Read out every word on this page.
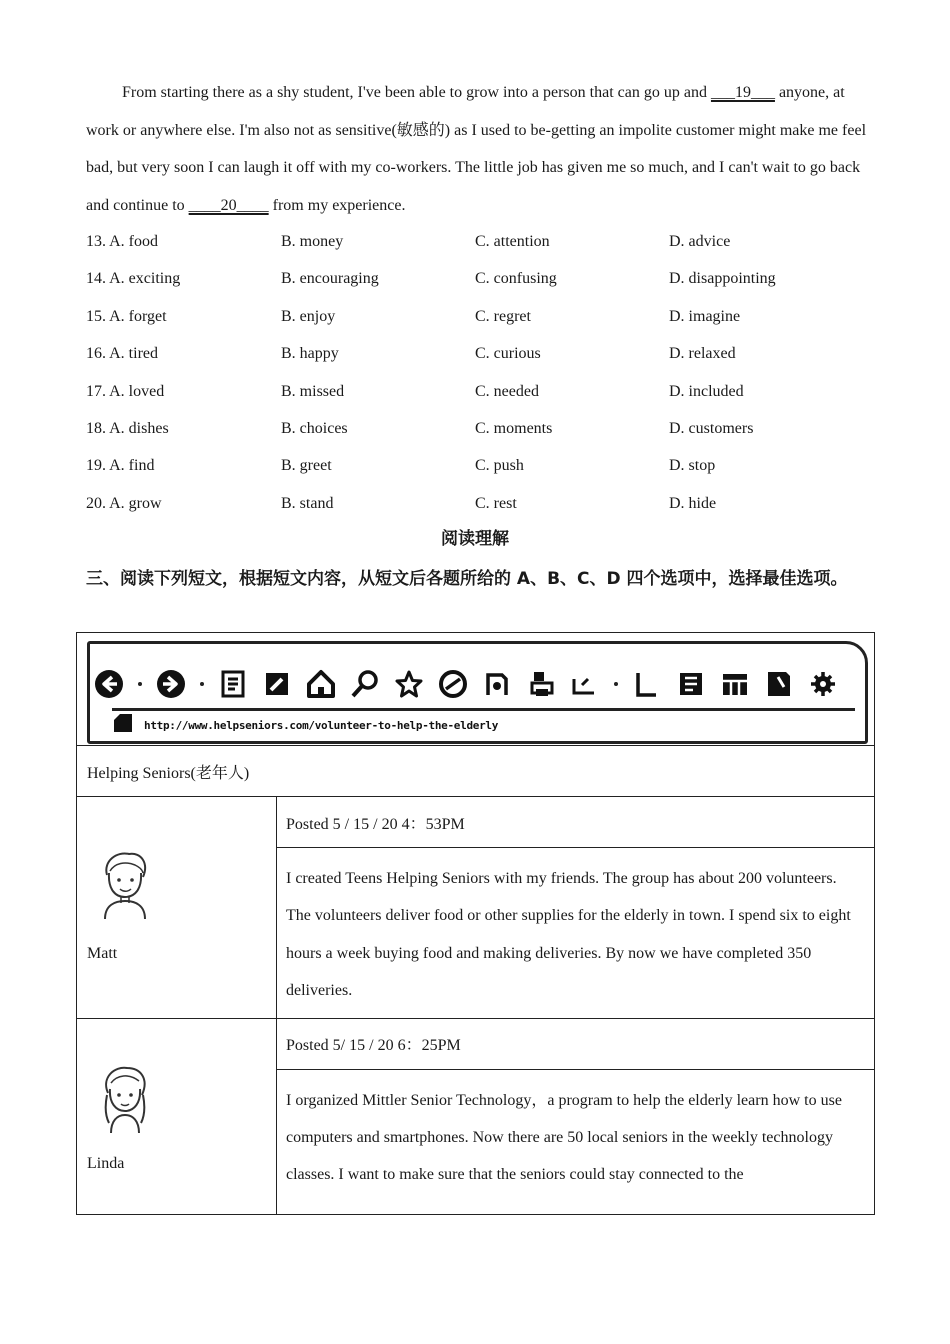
From starting there as a shy student, I've been able to grow into a person that can go up and ___19___ anyone, at work or anywhere else. I'm also not as sensitive(敏感的) as I used to be-getting an impolite customer might make me feel bad, but very soon I can laugh it off with my co-workers. The little job has given me so much, and I can't wait to go back and continue to ____20____ from my experience.

13. A. food	B. money	C. attention	D. advice
14. A. exciting	B. encouraging	C. confusing	D. disappointing
15. A. forget	B. enjoy	C. regret	D. imagine
16. A. tired	B. happy	C. curious	D. relaxed
17. A. loved	B. missed	C. needed	D. included
18. A. dishes	B. choices	C. moments	D. customers
19. A. find	B. greet	C. push	D. stop
20. A. grow	B. stand	C. rest	D. hide
阅读理解
三、阅读下列短文，根据短文内容，从短文后各题所给的 A、B、C、D 四个选项中，选择最佳选项。
http://www.helpseniors.com/volunteer-to-help-the-elderly	

Helping Seniors(老年人)	

Matt	Posted 5 / 15 / 20 4：53PM
	I created Teens Helping Seniors with my friends. The group has about 200 volunteers. The volunteers deliver food or other supplies for the elderly in town. I spend six to eight hours a week buying food and making deliveries. By now we have completed 350 deliveries.

Linda	Posted 5/ 15 / 20 6：25PM
	I organized Mittler Senior Technology，a program to help the elderly learn how to use computers and smartphones. Now there are 50 local seniors in the weekly technology classes. I want to make sure that the seniors could stay connected to the
